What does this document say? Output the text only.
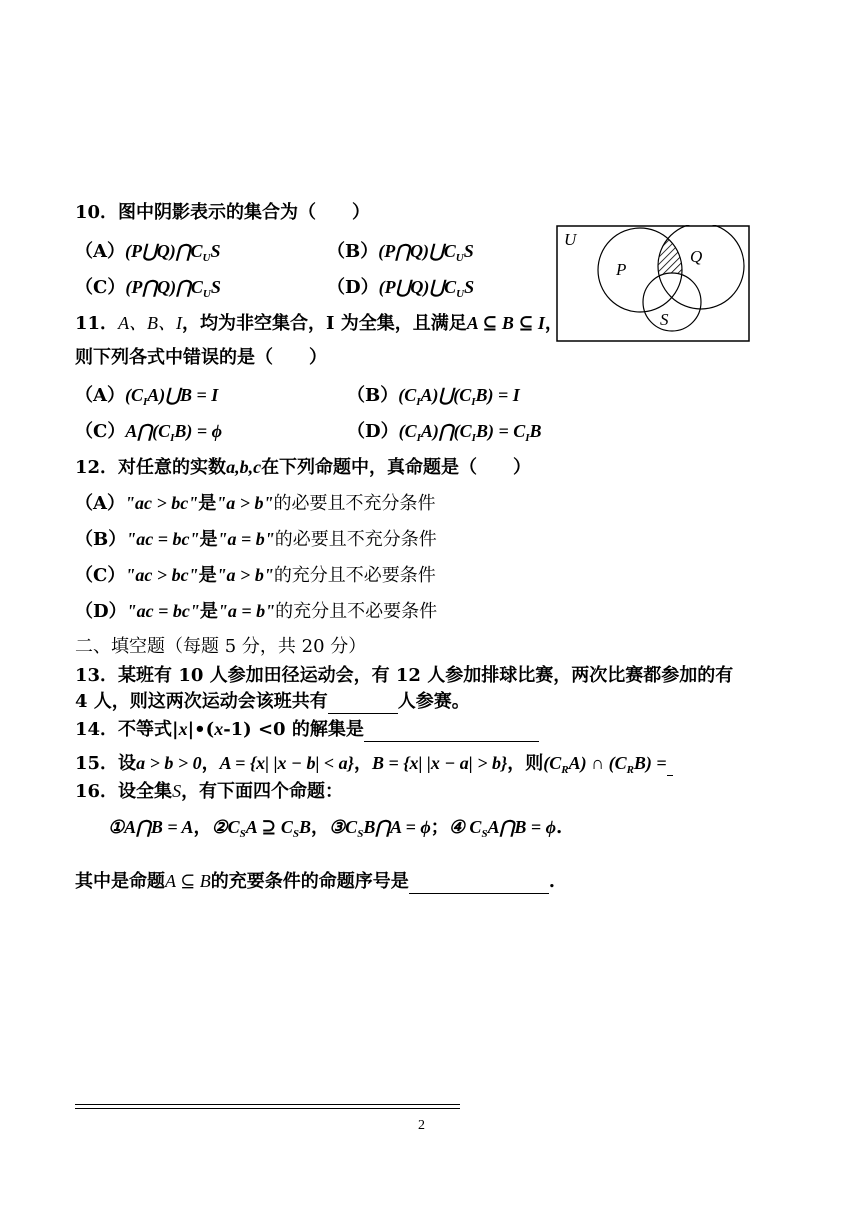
10．图中阴影表示的集合为（　　）
$(A)(P⋃Q)⋂C_US$	$(B)(P⋂Q)⋃C_US$
$(C)(P⋂Q)⋂C_US$	$(D)(P⋃Q)⋃C_US$
U
P
Q
S
11．A、B、I，均为非空集合，I 为全集，且满足A ⊆ B ⊆ I，
则下列各式中错误的是（　　）
$(A)(C_IA)⋃B = I$	$(B)(C_IA)⋃(C_IB) = I$
$(C)A⋂(C_IB) = \phi$	$(D)(C_IA)⋂(C_IB) = C_IB$
12．对任意的实数a,b,c在下列命题中，真命题是（　　）
（A）"ac > bc"是"a > b"的必要且不充分条件
（B）"ac = bc"是"a = b"的必要且不充分条件
（C）"ac > bc"是"a > b"的充分且不必要条件
（D）"ac = bc"是"a = b"的充分且不必要条件
二、填空题（每题 5 分，共 20 分）
13．某班有 10 人参加田径运动会，有 12 人参加排球比赛，两次比赛都参加的有
4 人，则这两次运动会该班共有	人参赛。
14．不等式|x|•(x-1) <0 的解集是
15．设a > b > 0，A = {x| |x − b| < a}，B = {x| |x − a| > b}，则$(C_RA)$ ∩ $(C_RB)$ =
16．设全集S，有下面四个命题：
①A⋂B = A，$②C_SA$ ⊇ $C_SB$，$③C_SB⋂A = \phi$；④ $C_SA⋂B = \phi$.
其中是命题A ⊆ B的充要条件的命题序号是	.
2
